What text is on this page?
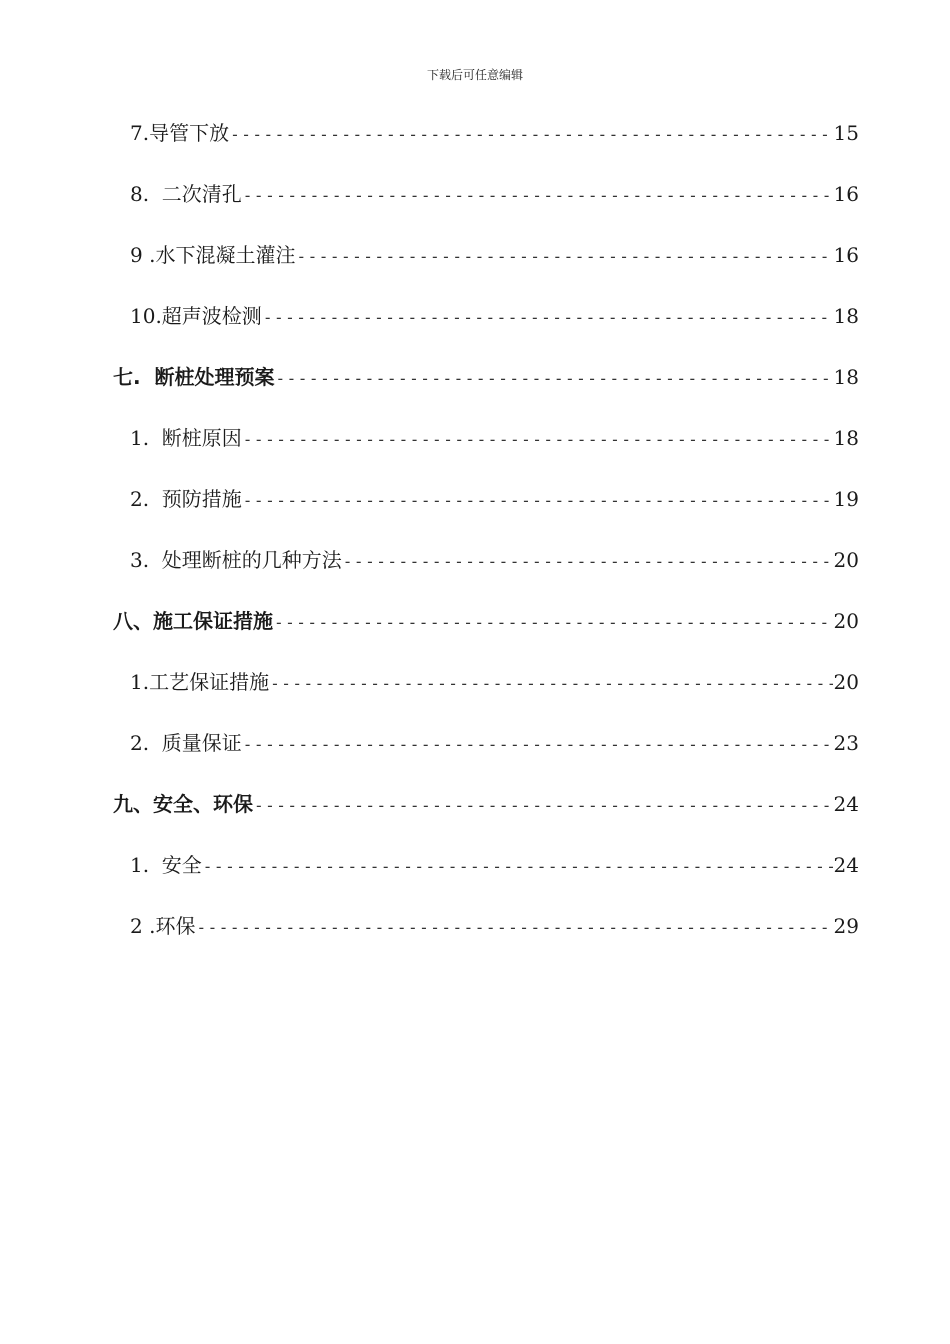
下载后可任意编辑
7.导管下放 -----	15
8.  二次清孔 -----	16
9 .水下混凝土灌注 -----	16
10.超声波检测 -----	18
七.  断桩处理预案 -----	18
1.  断桩原因 -----	18
2.  预防措施 -----	19
3.  处理断桩的几种方法 -----	20
八、施工保证措施 -----	20
1.工艺保证措施 -----	20
2.  质量保证 -----	23
九、安全、环保 -----	24
1.  安全 -----	24
2 .环保 -----	29
